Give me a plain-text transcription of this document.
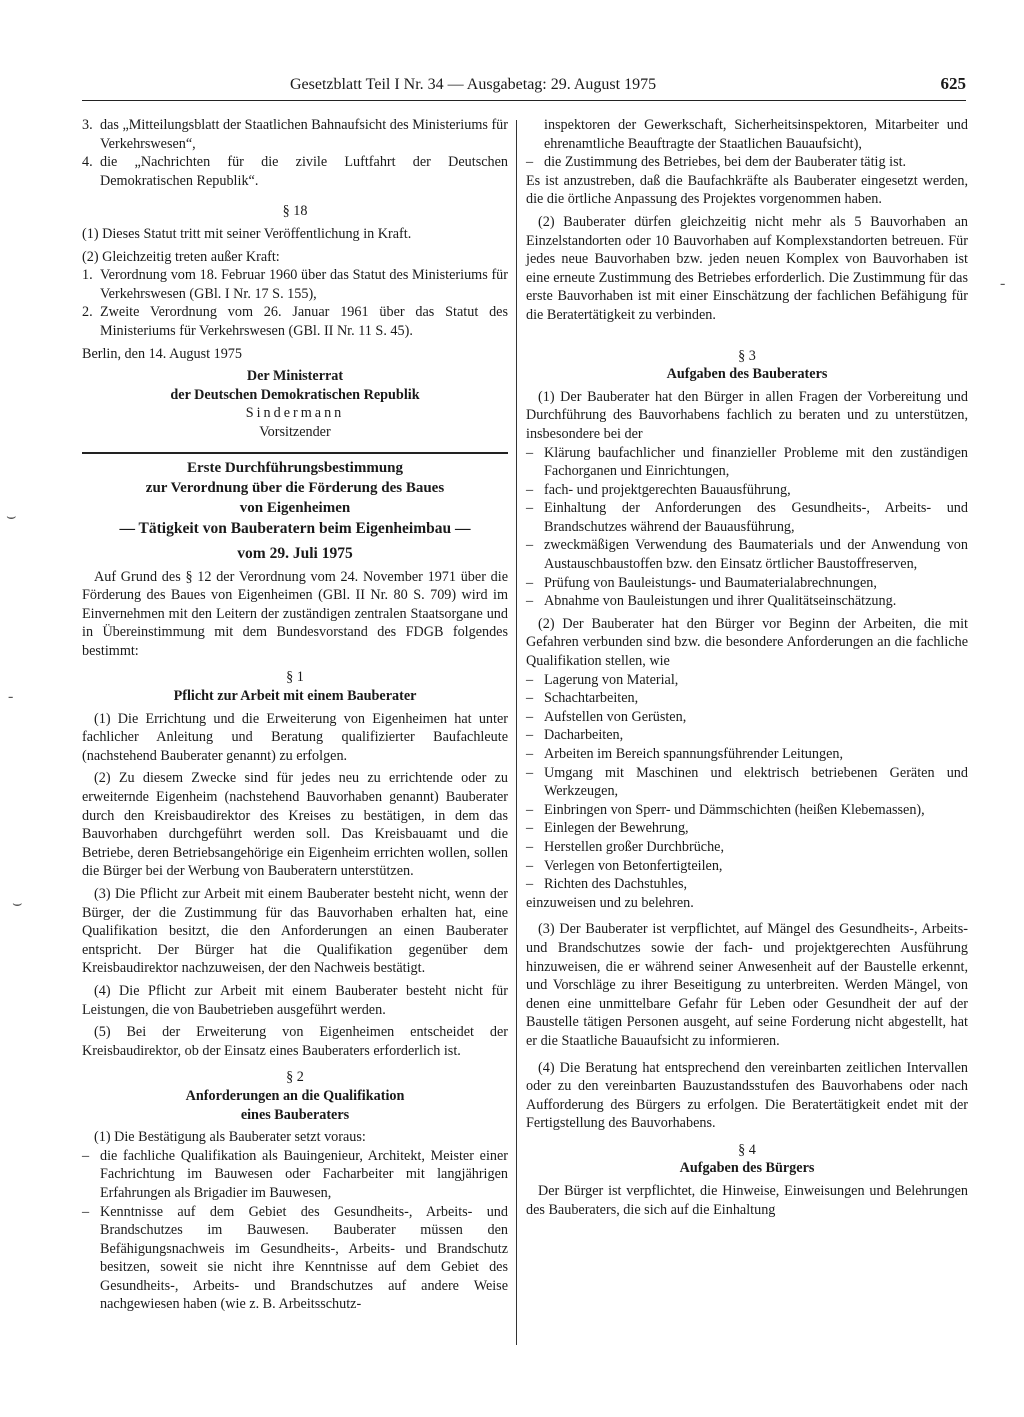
Gesetzblatt Teil I Nr. 34 — Ausgabetag: 29. August 1975	625

3. das „Mitteilungsblatt der Staatlichen Bahnaufsicht des Ministeriums für Verkehrswesen“,

4. die „Nachrichten für die zivile Luftfahrt der Deutschen Demokratischen Republik“.

§ 18

(1) Dieses Statut tritt mit seiner Veröffentlichung in Kraft.

(2) Gleichzeitig treten außer Kraft:

1. Verordnung vom 18. Februar 1960 über das Statut des Ministeriums für Verkehrswesen (GBl. I Nr. 17 S. 155),

2. Zweite Verordnung vom 26. Januar 1961 über das Statut des Ministeriums für Verkehrswesen (GBl. II Nr. 11 S. 45).

Berlin, den 14. August 1975

Der Ministerrat

der Deutschen Demokratischen Republik

Sindermann

Vorsitzender

Erste Durchführungsbestimmung

zur Verordnung über die Förderung des Baues

von Eigenheimen

— Tätigkeit von Bauberatern beim Eigenheimbau —

vom 29. Juli 1975

Auf Grund des § 12 der Verordnung vom 24. November 1971 über die Förderung des Baues von Eigenheimen (GBl. II Nr. 80 S. 709) wird im Einvernehmen mit den Leitern der zuständigen zentralen Staatsorgane und in Übereinstimmung mit dem Bundesvorstand des FDGB folgendes bestimmt:

§ 1

Pflicht zur Arbeit mit einem Bauberater

(1) Die Errichtung und die Erweiterung von Eigenheimen hat unter fachlicher Anleitung und Beratung qualifizierter Baufachleute (nachstehend Bauberater genannt) zu erfolgen.

(2) Zu diesem Zwecke sind für jedes neu zu errichtende oder zu erweiternde Eigenheim (nachstehend Bauvorhaben genannt) Bauberater durch den Kreisbaudirektor des Kreises zu bestätigen, in dem das Bauvorhaben durchgeführt werden soll. Das Kreisbauamt und die Betriebe, deren Betriebsangehörige ein Eigenheim errichten wollen, sollen die Bürger bei der Werbung von Bauberatern unterstützen.

(3) Die Pflicht zur Arbeit mit einem Bauberater besteht nicht, wenn der Bürger, der die Zustimmung für das Bauvorhaben erhalten hat, eine Qualifikation besitzt, die den Anforderungen an einen Bauberater entspricht. Der Bürger hat die Qualifikation gegenüber dem Kreisbaudirektor nachzuweisen, der den Nachweis bestätigt.

(4) Die Pflicht zur Arbeit mit einem Bauberater besteht nicht für Leistungen, die von Baubetrieben ausgeführt werden.

(5) Bei der Erweiterung von Eigenheimen entscheidet der Kreisbaudirektor, ob der Einsatz eines Bauberaters erforderlich ist.

§ 2

Anforderungen an die Qualifikation

eines Bauberaters

(1) Die Bestätigung als Bauberater setzt voraus:

– die fachliche Qualifikation als Bauingenieur, Architekt, Meister einer Fachrichtung im Bauwesen oder Facharbeiter mit langjährigen Erfahrungen als Brigadier im Bauwesen,

– Kenntnisse auf dem Gebiet des Gesundheits-, Arbeits- und Brandschutzes im Bauwesen. Bauberater müssen den Befähigungsnachweis im Gesundheits-, Arbeits- und Brandschutz besitzen, soweit sie nicht ihre Kenntnisse auf dem Gebiet des Gesundheits-, Arbeits- und Brandschutzes auf andere Weise nachgewiesen haben (wie z. B. Arbeitsschutz-

inspektoren der Gewerkschaft, Sicherheitsinspektoren, Mitarbeiter und ehrenamtliche Beauftragte der Staatlichen Bauaufsicht),

– die Zustimmung des Betriebes, bei dem der Bauberater tätig ist.

Es ist anzustreben, daß die Baufachkräfte als Bauberater eingesetzt werden, die die örtliche Anpassung des Projektes vorgenommen haben.

(2) Bauberater dürfen gleichzeitig nicht mehr als 5 Bauvorhaben an Einzelstandorten oder 10 Bauvorhaben auf Komplexstandorten betreuen. Für jedes neue Bauvorhaben bzw. jeden neuen Komplex von Bauvorhaben ist eine erneute Zustimmung des Betriebes erforderlich. Die Zustimmung für das erste Bauvorhaben ist mit einer Einschätzung der fachlichen Befähigung für die Beratertätigkeit zu verbinden.

§ 3

Aufgaben des Bauberaters

(1) Der Bauberater hat den Bürger in allen Fragen der Vorbereitung und Durchführung des Bauvorhabens fachlich zu beraten und zu unterstützen, insbesondere bei der

– Klärung baufachlicher und finanzieller Probleme mit den zuständigen Fachorganen und Einrichtungen,

– fach- und projektgerechten Bauausführung,

– Einhaltung der Anforderungen des Gesundheits-, Arbeits- und Brandschutzes während der Bauausführung,

– zweckmäßigen Verwendung des Baumaterials und der Anwendung von Austauschbaustoffen bzw. den Einsatz örtlicher Baustoffreserven,

– Prüfung von Bauleistungs- und Baumaterialabrechnungen,

– Abnahme von Bauleistungen und ihrer Qualitätseinschätzung.

(2) Der Bauberater hat den Bürger vor Beginn der Arbeiten, die mit Gefahren verbunden sind bzw. die besondere Anforderungen an die fachliche Qualifikation stellen, wie

– Lagerung von Material,

– Schachtarbeiten,

– Aufstellen von Gerüsten,

– Dacharbeiten,

– Arbeiten im Bereich spannungsführender Leitungen,

– Umgang mit Maschinen und elektrisch betriebenen Geräten und Werkzeugen,

– Einbringen von Sperr- und Dämmschichten (heißen Klebemassen),

– Einlegen der Bewehrung,

– Herstellen großer Durchbrüche,

– Verlegen von Betonfertigteilen,

– Richten des Dachstuhles,

einzuweisen und zu belehren.

(3) Der Bauberater ist verpflichtet, auf Mängel des Gesundheits-, Arbeits- und Brandschutzes sowie der fach- und projektgerechten Ausführung hinzuweisen, die er während seiner Anwesenheit auf der Baustelle erkennt, und Vorschläge zu ihrer Beseitigung zu unterbreiten. Werden Mängel, von denen eine unmittelbare Gefahr für Leben oder Gesundheit der auf der Baustelle tätigen Personen ausgeht, auf seine Forderung nicht abgestellt, hat er die Staatliche Bauaufsicht zu informieren.

(4) Die Beratung hat entsprechend den vereinbarten zeitlichen Intervallen oder zu den vereinbarten Bauzustandsstufen des Bauvorhabens oder nach Aufforderung des Bürgers zu erfolgen. Die Beratertätigkeit endet mit der Fertigstellung des Bauvorhabens.

§ 4

Aufgaben des Bürgers

Der Bürger ist verpflichtet, die Hinweise, Einweisungen und Belehrungen des Bauberaters, die sich auf die Einhaltung

⌣
-
⌣
-
